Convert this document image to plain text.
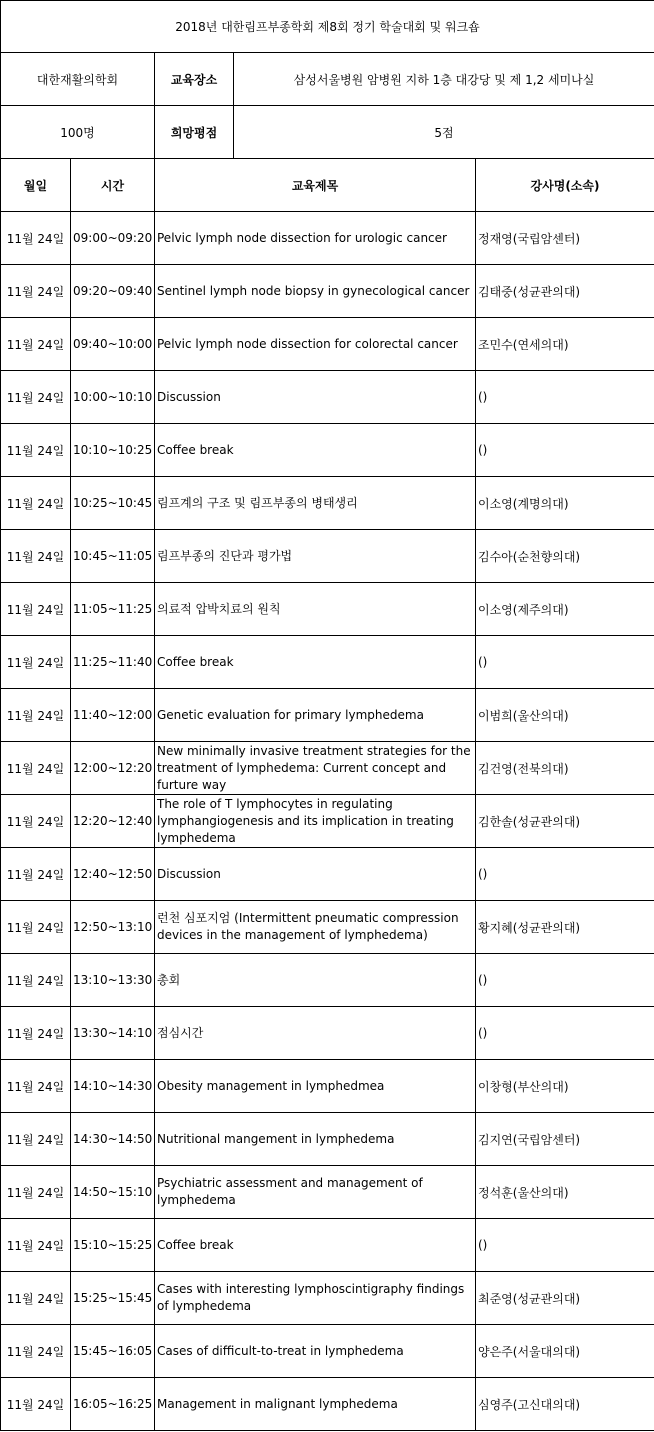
2018년 대한림프부종학회 제8회 정기 학술대회 및 워크숍				
대한재활의학회		교육장소	삼성서울병원 암병원 지하 1층 대강당 및 제 1,2 세미나실	
100명		희망평점	5점	
월일	시간	교육제목		강사명(소속)
11월 24일	09:00~09:20	Pelvic lymph node dissection for urologic cancer		정재영(국립암센터)
11월 24일	09:20~09:40	Sentinel lymph node biopsy in gynecological cancer		김태중(성균관의대)
11월 24일	09:40~10:00	Pelvic lymph node dissection for colorectal cancer		조민수(연세의대)
11월 24일	10:00~10:10	Discussion		()
11월 24일	10:10~10:25	Coffee break		()
11월 24일	10:25~10:45	림프계의 구조 및 림프부종의 병태생리		이소영(계명의대)
11월 24일	10:45~11:05	림프부종의 진단과 평가법		김수아(순천향의대)
11월 24일	11:05~11:25	의료적 압박치료의 원칙		이소영(제주의대)
11월 24일	11:25~11:40	Coffee break		()
11월 24일	11:40~12:00	Genetic evaluation for primary lymphedema		이범희(울산의대)
11월 24일	12:00~12:20	New minimally invasive treatment strategies for the treatment of lymphedema: Current concept and furture way		김건영(전북의대)
11월 24일	12:20~12:40	The role of T lymphocytes in regulating lymphangiogenesis and its implication in treating lymphedema		김한솔(성균관의대)
11월 24일	12:40~12:50	Discussion		()
11월 24일	12:50~13:10	런천 심포지엄 (Intermittent pneumatic compression devices in the management of lymphedema)		황지혜(성균관의대)
11월 24일	13:10~13:30	총회		()
11월 24일	13:30~14:10	점심시간		()
11월 24일	14:10~14:30	Obesity management in lymphedmea		이창형(부산의대)
11월 24일	14:30~14:50	Nutritional mangement in lymphedema		김지연(국립암센터)
11월 24일	14:50~15:10	Psychiatric assessment and management of lymphedema		정석훈(울산의대)
11월 24일	15:10~15:25	Coffee break		()
11월 24일	15:25~15:45	Cases with interesting lymphoscintigraphy findings of lymphedema		최준영(성균관의대)
11월 24일	15:45~16:05	Cases of difficult-to-treat in lymphedema		양은주(서울대의대)
11월 24일	16:05~16:25	Management in malignant lymphedema		심영주(고신대의대)
